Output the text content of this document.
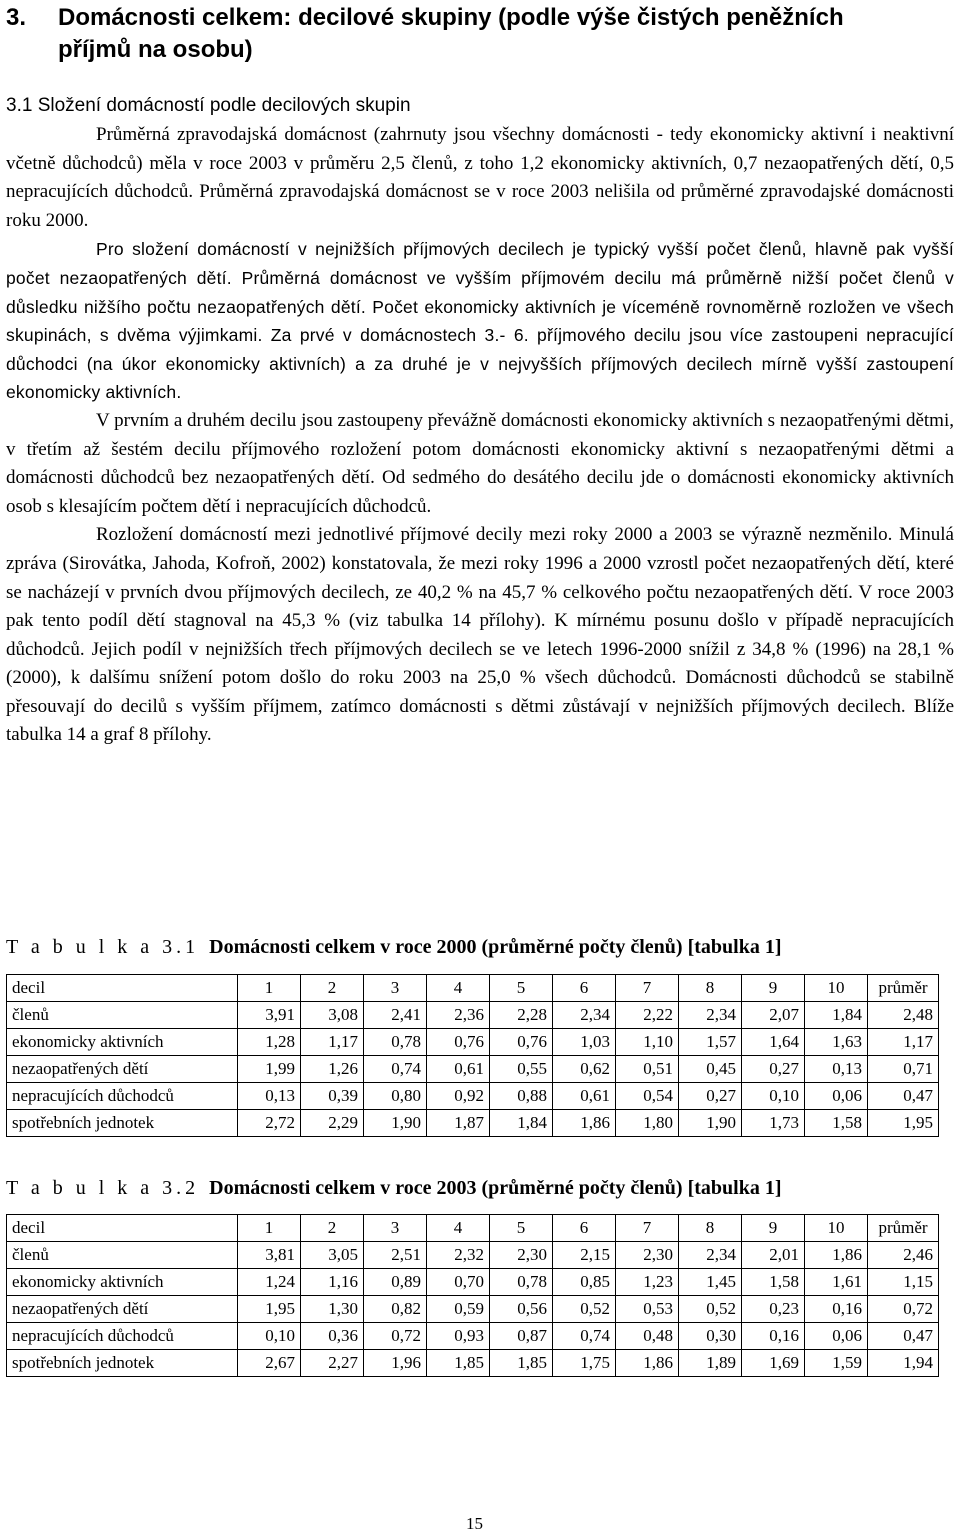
3. Domácnosti celkem: decilové skupiny (podle výše čistých peněžních
příjmů na osobu)
3.1 Složení domácností podle decilových skupin

Průměrná zpravodajská domácnost (zahrnuty jsou všechny domácnosti - tedy ekonomicky aktivní i neaktivní včetně důchodců) měla v roce 2003 v průměru 2,5 členů, z toho 1,2 ekonomicky aktivních, 0,7 nezaopatřených dětí, 0,5 nepracujících důchodců. Průměrná zpravodajská domácnost se v roce 2003 nelišila od průměrné zpravodajské domácnosti roku 2000.

Pro složení domácností v nejnižších příjmových decilech je typický vyšší počet členů, hlavně pak vyšší počet nezaopatřených dětí. Průměrná domácnost ve vyšším příjmovém decilu má průměrně nižší počet členů v důsledku nižšího počtu nezaopatřených dětí. Počet ekonomicky aktivních je víceméně rovnoměrně rozložen ve všech skupinách, s dvěma výjimkami. Za prvé v domácnostech 3.- 6. příjmového decilu jsou více zastoupeni nepracující důchodci (na úkor ekonomicky aktivních) a za druhé je v nejvyšších příjmových decilech mírně vyšší zastoupení ekonomicky aktivních.

V prvním a druhém decilu jsou zastoupeny převážně domácnosti ekonomicky aktivních s nezaopatřenými dětmi, v třetím až šestém decilu příjmového rozložení potom domácnosti ekonomicky aktivní s nezaopatřenými dětmi a domácnosti důchodců bez nezaopatřených dětí. Od sedmého do desátého decilu jde o domácnosti ekonomicky aktivních osob s klesajícím počtem dětí i nepracujících důchodců.

Rozložení domácností mezi jednotlivé příjmové decily mezi roky 2000 a 2003 se výrazně nezměnilo. Minulá zpráva (Sirovátka, Jahoda, Kofroň, 2002) konstatovala, že mezi roky 1996 a 2000 vzrostl počet nezaopatřených dětí, které se nacházejí v prvních dvou příjmových decilech, ze 40,2 % na 45,7 % celkového počtu nezaopatřených dětí. V roce 2003 pak tento podíl dětí stagnoval na 45,3 % (viz tabulka 14 přílohy). K mírnému posunu došlo v případě nepracujících důchodců. Jejich podíl v nejnižších třech příjmových decilech se ve letech 1996-2000 snížil z 34,8 % (1996) na 28,1 % (2000), k dalšímu snížení potom došlo do roku 2003 na 25,0 % všech důchodců. Domácnosti důchodců se stabilně přesouvají do decilů s vyšším příjmem, zatímco domácnosti s dětmi zůstávají v nejnižších příjmových decilech. Blíže tabulka 14 a graf 8 přílohy.

T a b u l k a 3.1 Domácnosti celkem v roce 2000 (průměrné počty členů) [tabulka 1]
decil	1	2	3	4	5	6	7	8	9	10	průměr
členů	3,91	3,08	2,41	2,36	2,28	2,34	2,22	2,34	2,07	1,84	2,48
ekonomicky aktivních	1,28	1,17	0,78	0,76	0,76	1,03	1,10	1,57	1,64	1,63	1,17
nezaopatřených dětí	1,99	1,26	0,74	0,61	0,55	0,62	0,51	0,45	0,27	0,13	0,71
nepracujících důchodců	0,13	0,39	0,80	0,92	0,88	0,61	0,54	0,27	0,10	0,06	0,47
spotřebních jednotek	2,72	2,29	1,90	1,87	1,84	1,86	1,80	1,90	1,73	1,58	1,95
T a b u l k a 3.2 Domácnosti celkem v roce 2003 (průměrné počty členů) [tabulka 1]
decil	1	2	3	4	5	6	7	8	9	10	průměr
členů	3,81	3,05	2,51	2,32	2,30	2,15	2,30	2,34	2,01	1,86	2,46
ekonomicky aktivních	1,24	1,16	0,89	0,70	0,78	0,85	1,23	1,45	1,58	1,61	1,15
nezaopatřených dětí	1,95	1,30	0,82	0,59	0,56	0,52	0,53	0,52	0,23	0,16	0,72
nepracujících důchodců	0,10	0,36	0,72	0,93	0,87	0,74	0,48	0,30	0,16	0,06	0,47
spotřebních jednotek	2,67	2,27	1,96	1,85	1,85	1,75	1,86	1,89	1,69	1,59	1,94
15
